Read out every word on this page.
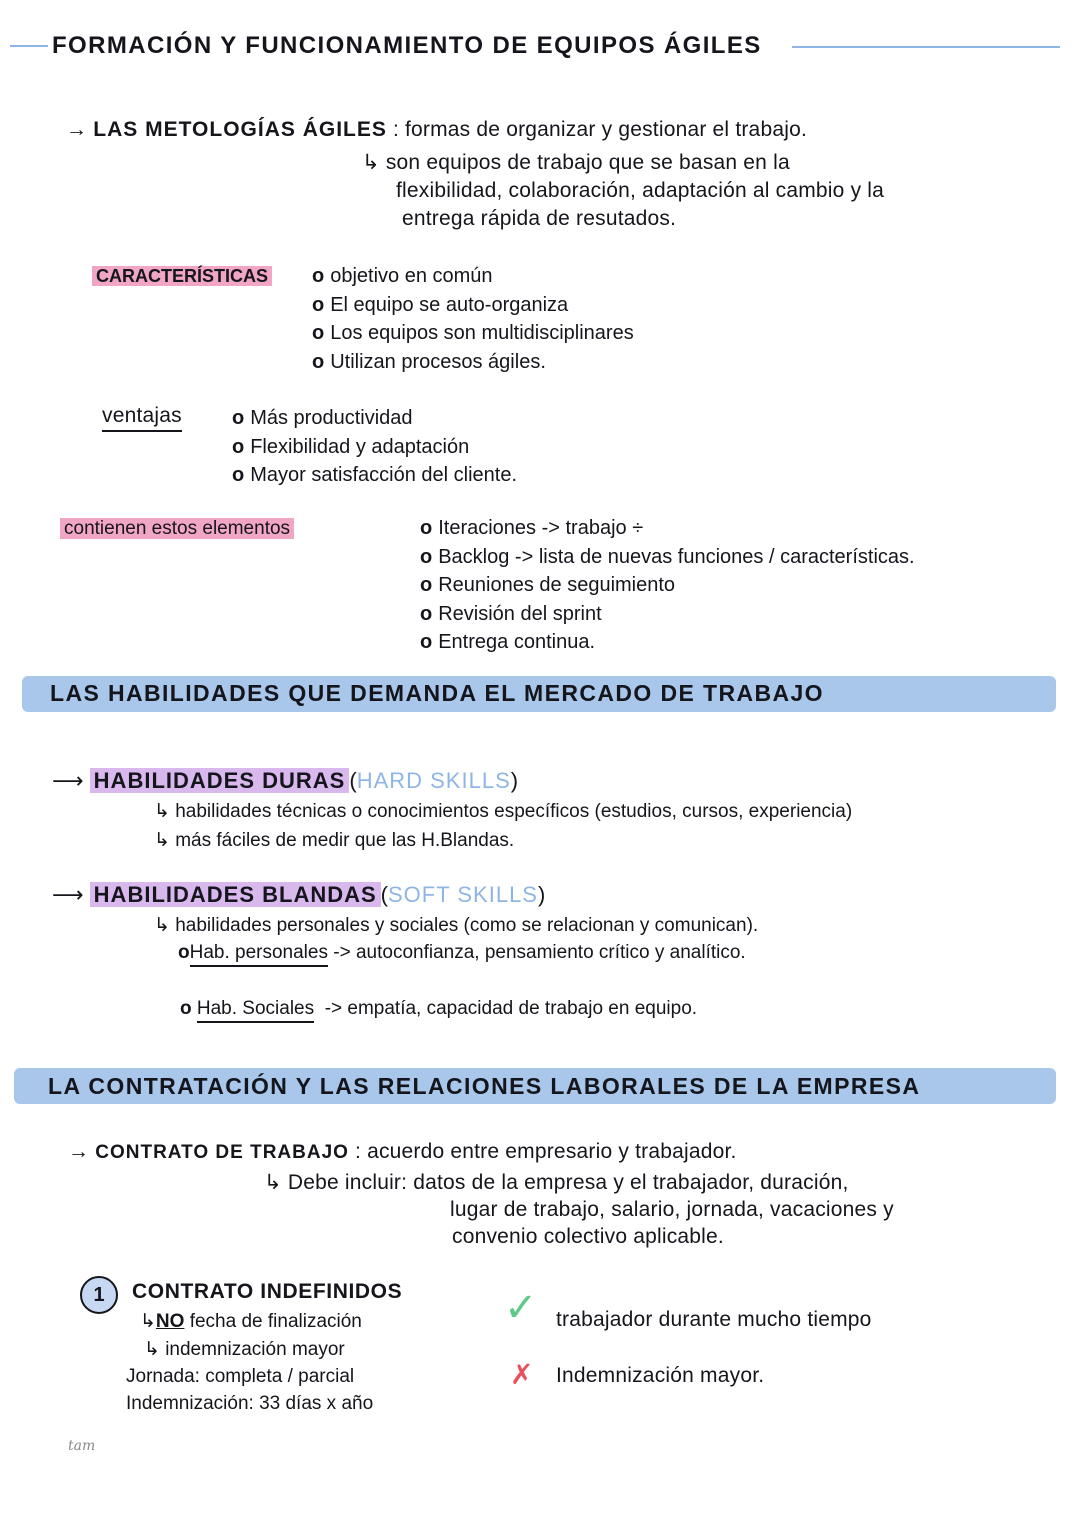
FORMACIÓN Y FUNCIONAMIENTO DE EQUIPOS ÁGILES
→ LAS METOLOGÍAS ÁGILES : formas de organizar y gestionar el trabajo.
↳ son equipos de trabajo que se basan en la
flexibilidad, colaboración, adaptación al cambio y la
entrega rápida de resutados.
CARACTERÍSTICAS	o objetivo en común
o El equipo se auto-organiza
o Los equipos son multidisciplinares
o Utilizan procesos ágiles.
ventajas	o Más productividad
o Flexibilidad y adaptación
o Mayor satisfacción del cliente.
contienen estos elementos	o Iteraciones -> trabajo ÷
o Backlog -> lista de nuevas funciones / características.
o Reuniones de seguimiento
o Revisión del sprint
o Entrega continua.
LAS HABILIDADES QUE DEMANDA EL MERCADO DE TRABAJO
⟶ HABILIDADES DURAS (HARD SKILLS)
↳ habilidades técnicas o conocimientos específicos (estudios, cursos, experiencia)
↳ más fáciles de medir que las H.Blandas.
⟶ HABILIDADES BLANDAS (SOFT SKILLS)
↳ habilidades personales y sociales (como se relacionan y comunican).
oHab. personales -> autoconfianza, pensamiento crítico y analítico.
o Hab. Sociales -> empatía, capacidad de trabajo en equipo.
LA CONTRATACIÓN Y LAS RELACIONES LABORALES DE LA EMPRESA
→ CONTRATO DE TRABAJO : acuerdo entre empresario y trabajador.
↳ Debe incluir: datos de la empresa y el trabajador, duración,
lugar de trabajo, salario, jornada, vacaciones y
convenio colectivo aplicable.
1	CONTRATO INDEFINIDOS
↳NO fecha de finalización
↳ indemnización mayor
Jornada: completa / parcial
Indemnización: 33 días x año
✓ trabajador durante mucho tiempo
✗ Indemnización mayor.
tam
